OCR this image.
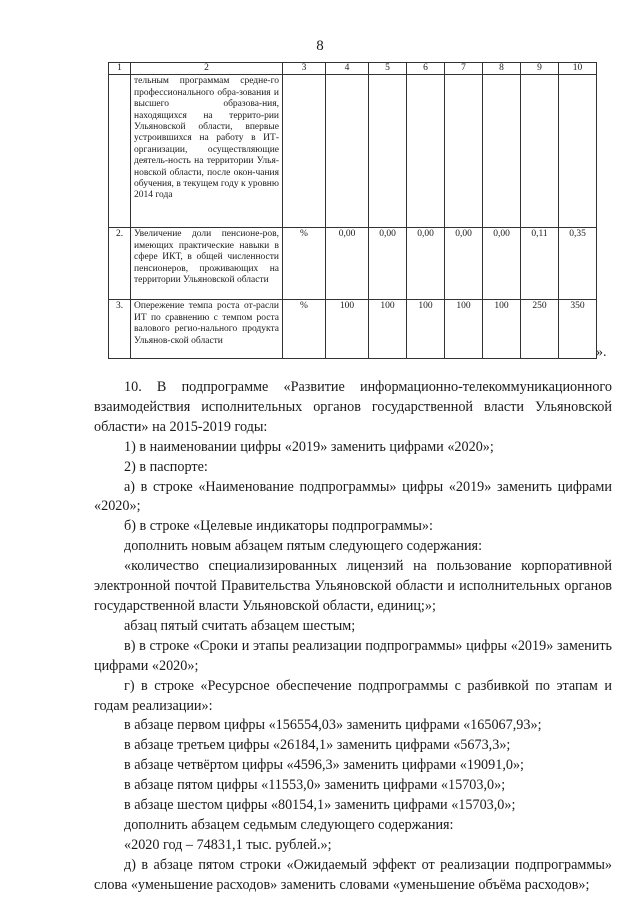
8
1	2	3	4	5	6	7	8	9	10
	тельным программам средне-го профессионального обра-зования и высшего образова-ния, находящихся на террито-рии Ульяновской области, впервые устроившихся на работу в ИТ-организации, осуществляющие деятель-ность на территории Улья-новской области, после окон-чания обучения, в текущем году к уровню 2014 года								
2.	Увеличение доли пенсионе-ров, имеющих практические навыки в сфере ИКТ, в общей численности пенсионеров, проживающих на территории Ульяновской области	%	0,00	0,00	0,00	0,00	0,00	0,11	0,35
3.	Опережение темпа роста от-расли ИТ по сравнению с темпом роста валового регио-нального продукта Ульянов-ской области	%	100	100	100	100	100	250	350
».

10. В подпрограмме «Развитие информационно-телекоммуникационного взаимодействия исполнительных органов государственной власти Ульяновской области» на 2015-2019 годы:

1) в наименовании цифры «2019» заменить цифрами «2020»;

2) в паспорте:

а) в строке «Наименование подпрограммы» цифры «2019» заменить цифрами «2020»;

б) в строке «Целевые индикаторы подпрограммы»:

дополнить новым абзацем пятым следующего содержания:

«количество специализированных лицензий на пользование корпоративной электронной почтой Правительства Ульяновской области и исполнительных органов государственной власти Ульяновской области, единиц;»;

абзац пятый считать абзацем шестым;

в) в строке «Сроки и этапы реализации подпрограммы» цифры «2019» заменить цифрами «2020»;

г) в строке «Ресурсное обеспечение подпрограммы с разбивкой по этапам и годам реализации»:

в абзаце первом цифры «156554,03» заменить цифрами «165067,93»;

в абзаце третьем цифры «26184,1» заменить цифрами «5673,3»;

в абзаце четвёртом цифры «4596,3» заменить цифрами «19091,0»;

в абзаце пятом цифры «11553,0» заменить цифрами «15703,0»;

в абзаце шестом цифры «80154,1» заменить цифрами «15703,0»;

дополнить абзацем седьмым следующего содержания:

«2020 год – 74831,1 тыс. рублей.»;

д) в абзаце пятом строки «Ожидаемый эффект от реализации подпрограммы» слова «уменьшение расходов» заменить словами «уменьшение объёма расходов»;
